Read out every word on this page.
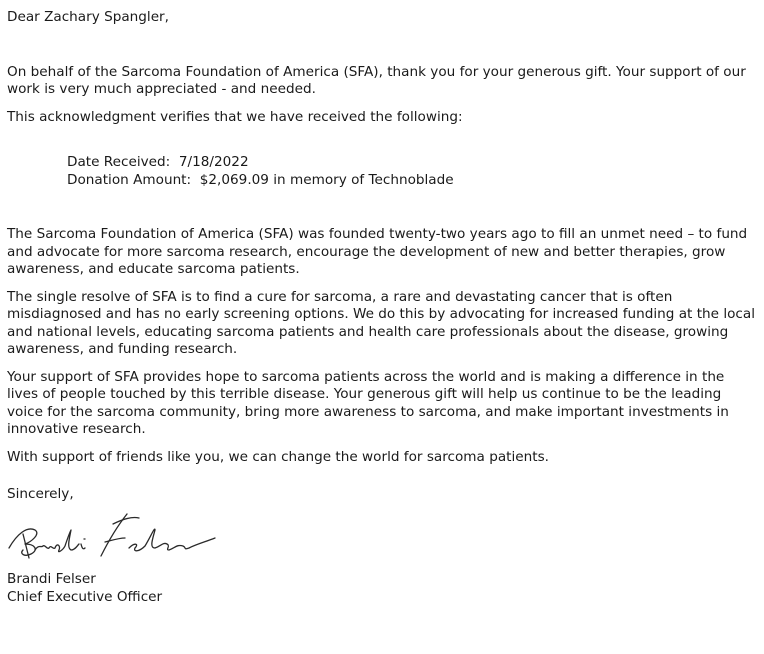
Dear Zachary Spangler,

On behalf of the Sarcoma Foundation of America (SFA), thank you for your generous gift. Your support of our work is very much appreciated - and needed.

This acknowledgment verifies that we have received the following:

Date Received: 7/18/2022
Donation Amount: $2,069.09 in memory of Technoblade

The Sarcoma Foundation of America (SFA) was founded twenty-two years ago to fill an unmet need – to fund and advocate for more sarcoma research, encourage the development of new and better therapies, grow awareness, and educate sarcoma patients.

The single resolve of SFA is to find a cure for sarcoma, a rare and devastating cancer that is often misdiagnosed and has no early screening options. We do this by advocating for increased funding at the local and national levels, educating sarcoma patients and health care professionals about the disease, growing awareness, and funding research.

Your support of SFA provides hope to sarcoma patients across the world and is making a difference in the lives of people touched by this terrible disease. Your generous gift will help us continue to be the leading voice for the sarcoma community, bring more awareness to sarcoma, and make important investments in innovative research.

With support of friends like you, we can change the world for sarcoma patients.

Sincerely,

Brandi Felser
Chief Executive Officer
